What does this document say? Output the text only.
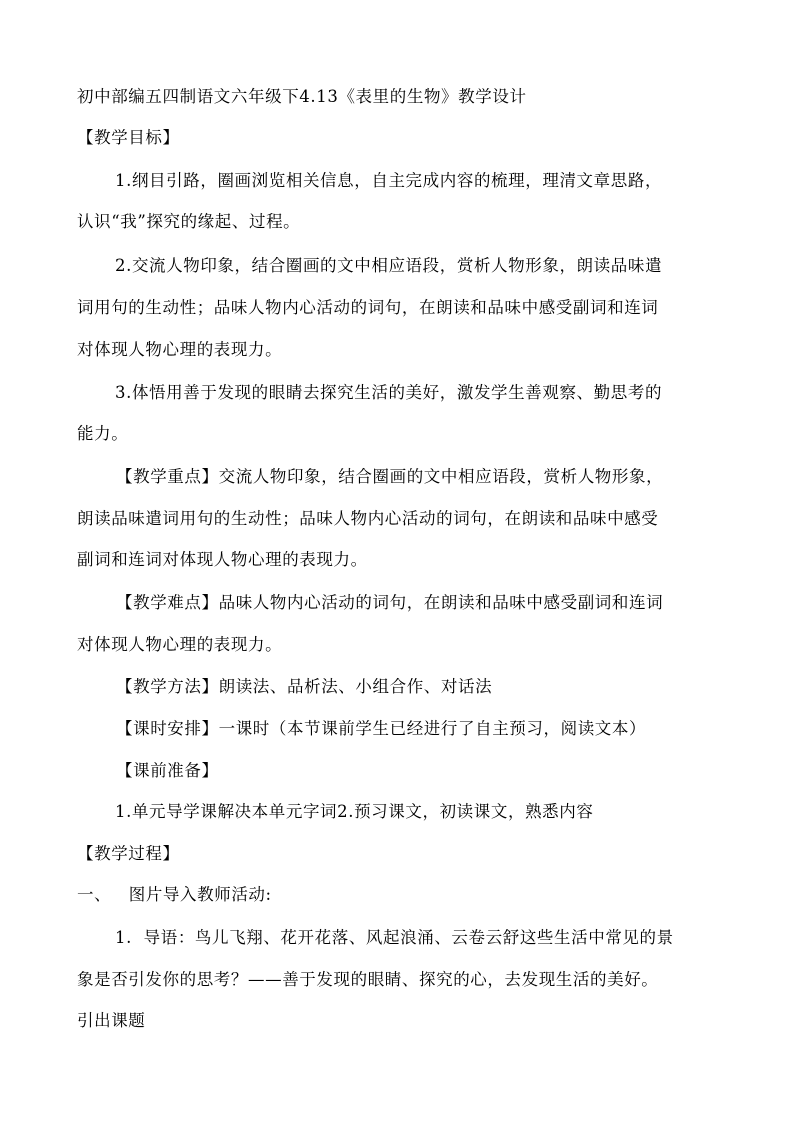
初中部编五四制语文六年级下4.13《表里的生物》教学设计
【教学目标】
1.纲目引路，圈画浏览相关信息，自主完成内容的梳理，理清文章思路，
认识“我”探究的缘起、过程。
2.交流人物印象，结合圈画的文中相应语段，赏析人物形象，朗读品味遣
词用句的生动性；品味人物内心活动的词句，在朗读和品味中感受副词和连词
对体现人物心理的表现力。
3.体悟用善于发现的眼睛去探究生活的美好，激发学生善观察、勤思考的
能力。
【教学重点】交流人物印象，结合圈画的文中相应语段，赏析人物形象，
朗读品味遣词用句的生动性；品味人物内心活动的词句，在朗读和品味中感受
副词和连词对体现人物心理的表现力。
【教学难点】品味人物内心活动的词句，在朗读和品味中感受副词和连词
对体现人物心理的表现力。
【教学方法】朗读法、品析法、小组合作、对话法
【课时安排】一课时（本节课前学生已经进行了自主预习，阅读文本）
【课前准备】
1.单元导学课解决本单元字词2.预习课文，初读课文，熟悉内容
【教学过程】
一、   图片导入教师活动:
1.  导语：鸟儿飞翔、花开花落、风起浪涌、云卷云舒这些生活中常见的景
象是否引发你的思考？——善于发现的眼睛、探究的心，去发现生活的美好。
引出课题
